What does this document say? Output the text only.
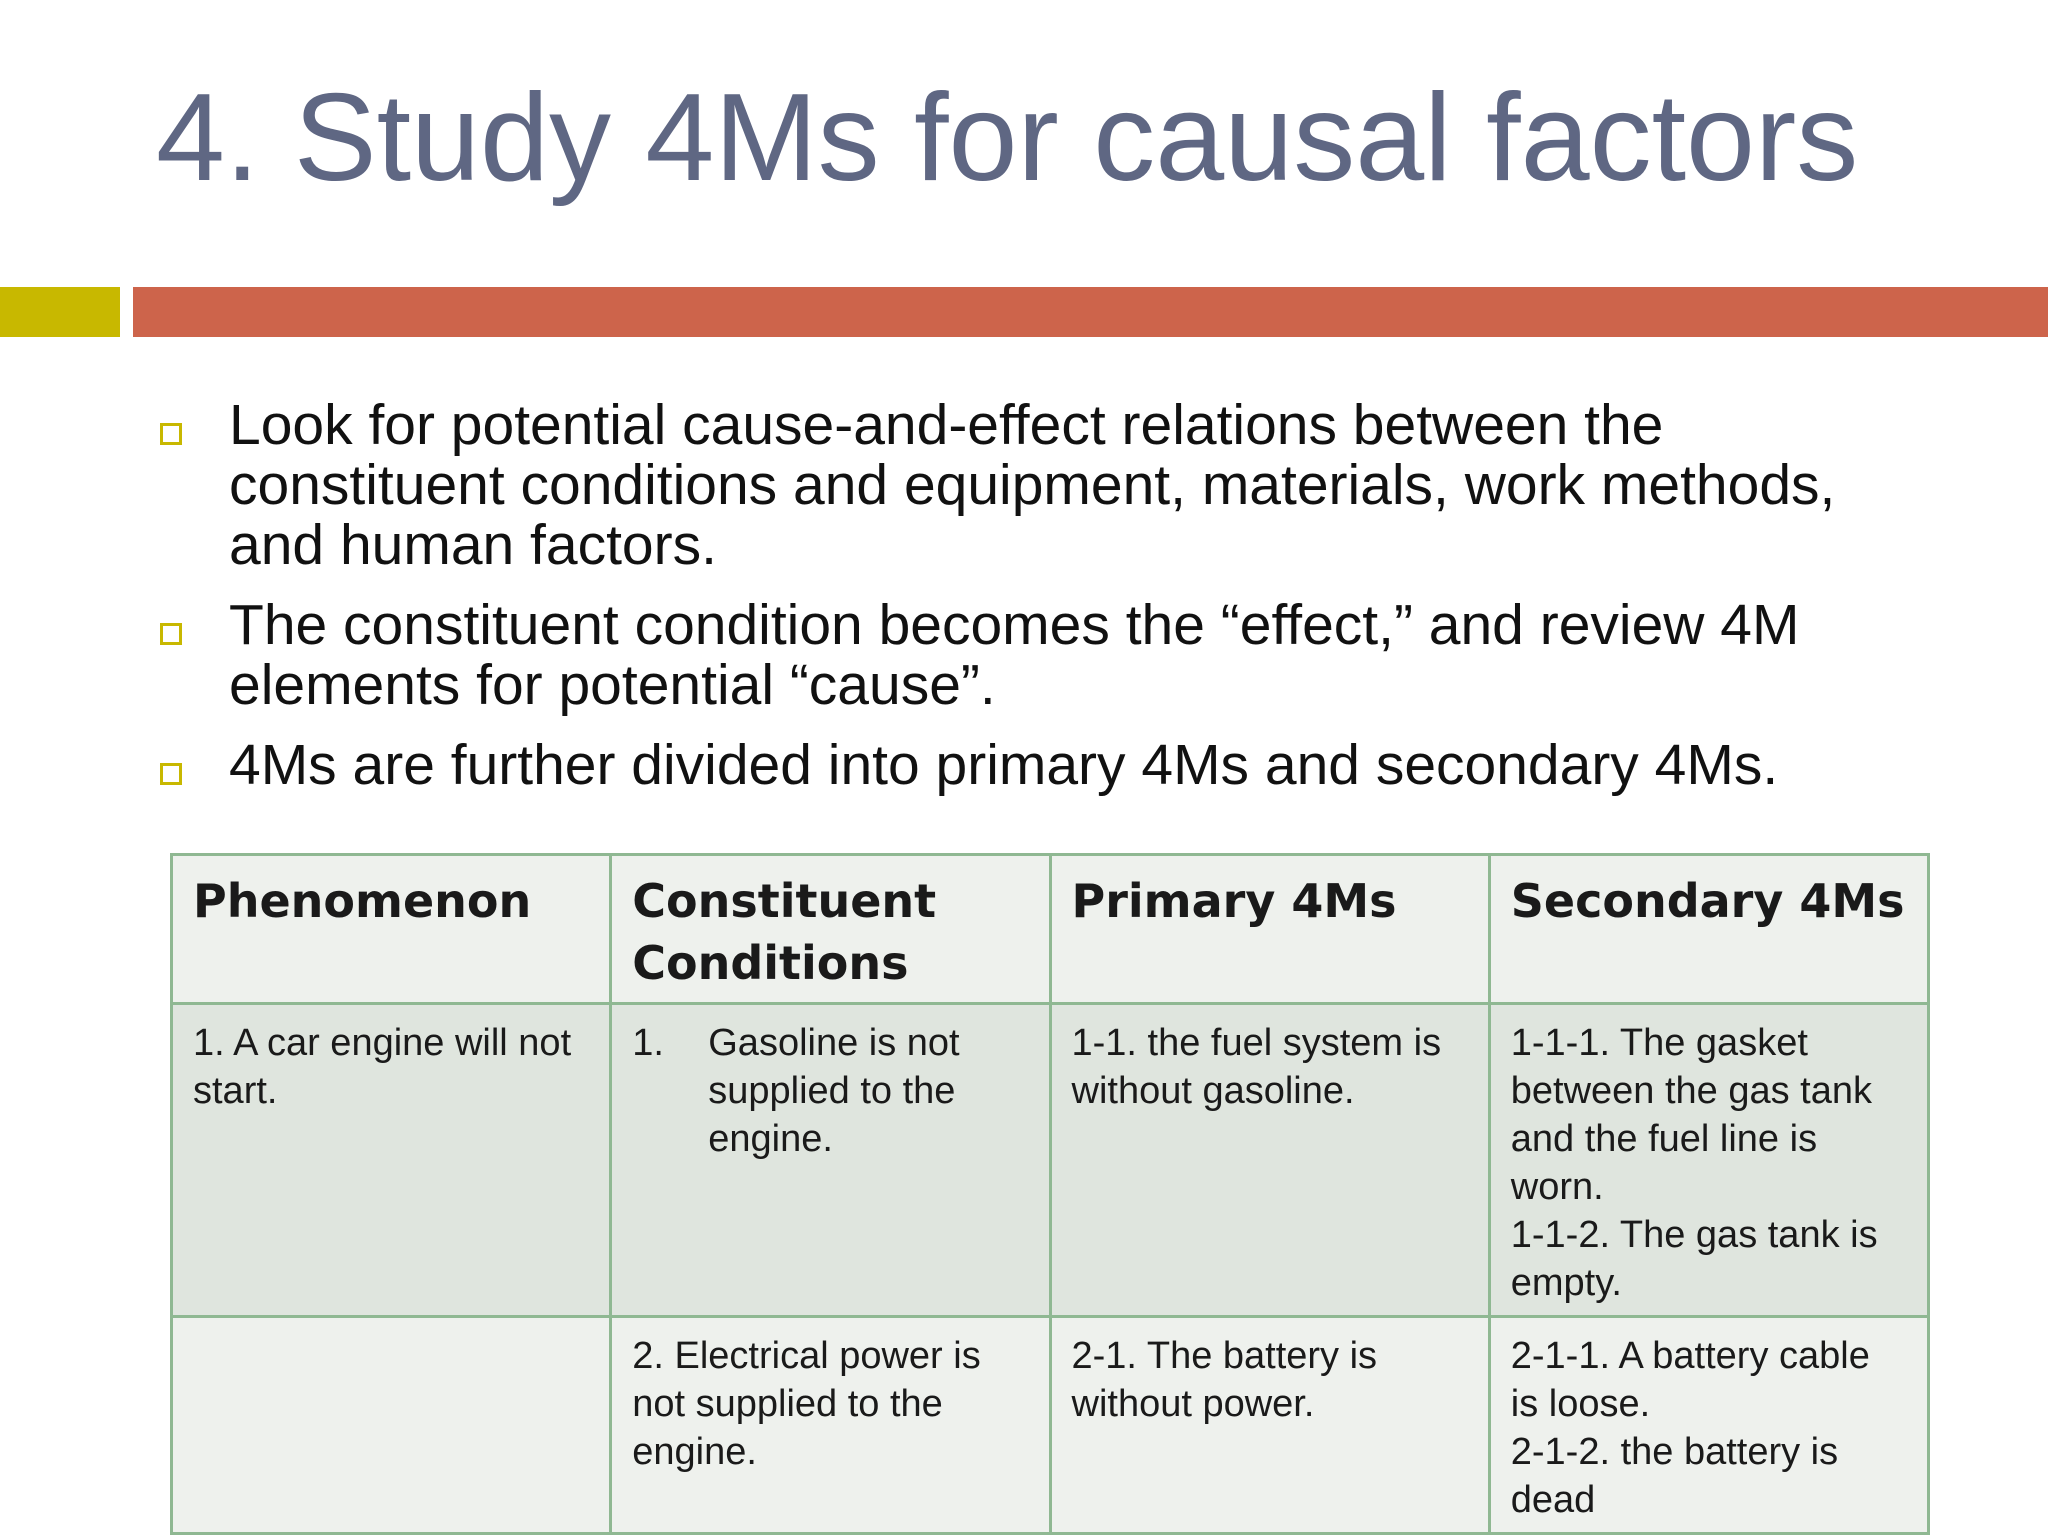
4. Study 4Ms for causal factors
Look for potential cause-and-effect relations between the constituent conditions and equipment, materials, work methods, and human factors.
The constituent condition becomes the “effect,” and review 4M elements for potential “cause”.
4Ms are further divided into primary 4Ms and secondary 4Ms.
Phenomenon	Constituent Conditions	Primary 4Ms	Secondary 4Ms
1. A car engine will not start.	1. Gasoline is not supplied to the engine.	1-1. the fuel system is without gasoline.	1-1-1. The gasket between the gas tank and the fuel line is worn.
1-1-2. The gas tank is empty.

	2. Electrical power is not supplied to the engine.	2-1. The battery is without power.	2-1-1. A battery cable is loose.
2-1-2. the battery is dead
